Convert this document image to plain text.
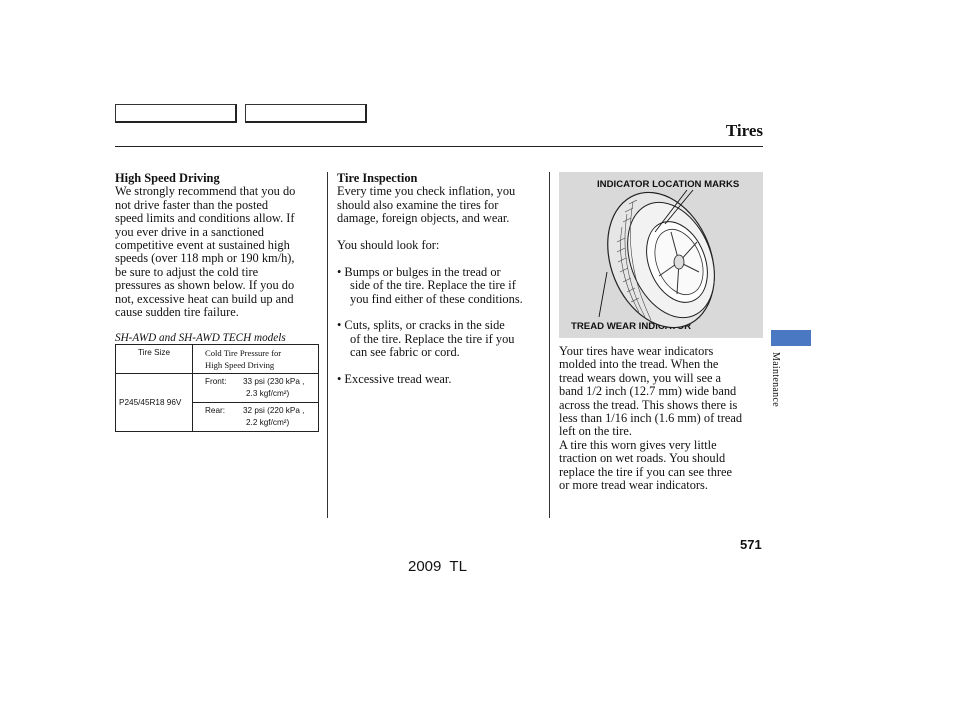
Tires

High Speed Driving

We strongly recommend that you do

not drive faster than the posted

speed limits and conditions allow. If

you ever drive in a sanctioned

competitive event at sustained high

speeds (over 118 mph or 190 km/h),

be sure to adjust the cold tire

pressures as shown below. If you do

not, excessive heat can build up and

cause sudden tire failure.

SH-AWD and SH-AWD TECH models
Tire Size	Cold Tire Pressure for
High Speed Driving

P245/45R18 96V	Front: 33 psi (230 kPa ,
2.3 kgf/cm²)

	Rear: 32 psi (220 kPa ,
2.2 kgf/cm²)

Tire Inspection

Every time you check inflation, you

should also examine the tires for

damage, foreign objects, and wear.

You should look for:

• Bumps or bulges in the tread or

side of the tire. Replace the tire if

you find either of these conditions.

• Cuts, splits, or cracks in the side

of the tire. Replace the tire if you

can see fabric or cord.

• Excessive tread wear.

INDICATOR LOCATION MARKS
TREAD WEAR INDICATOR

Your tires have wear indicators

molded into the tread. When the

tread wears down, you will see a

band 1/2 inch (12.7 mm) wide band

across the tread. This shows there is

less than 1/16 inch (1.6 mm) of tread

left on the tire.

A tire this worn gives very little

traction on wet roads. You should

replace the tire if you can see three

or more tread wear indicators.

Maintenance
571
2009  TL
